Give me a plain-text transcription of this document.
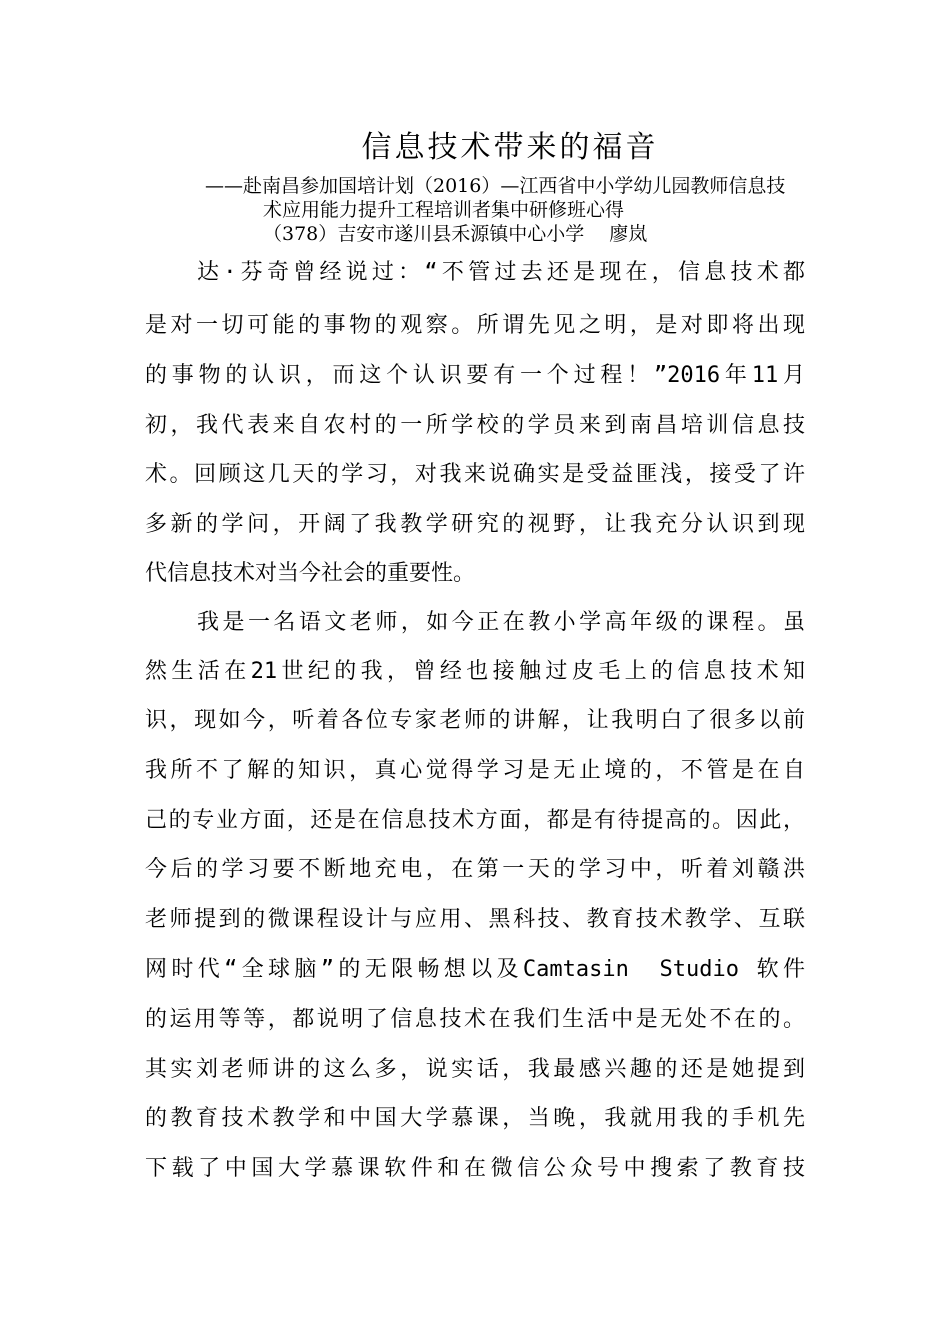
信息技术带来的福音
——赴南昌参加国培计划（2016）—江西省中小学幼儿园教师信息技
术应用能力提升工程培训者集中研修班心得
（378）吉安市遂川县禾源镇中心小学　 廖岚
达·芬奇曾经说过：“不管过去还是现在，信息技术都
是对一切可能的事物的观察。所谓先见之明，是对即将出现
的事物的认识，而这个认识要有一个过程！”2016年11月
初，我代表来自农村的一所学校的学员来到南昌培训信息技
术。回顾这几天的学习，对我来说确实是受益匪浅，接受了许
多新的学问，开阔了我教学研究的视野，让我充分认识到现
代信息技术对当今社会的重要性。
我是一名语文老师，如今正在教小学高年级的课程。虽
然生活在21世纪的我，曾经也接触过皮毛上的信息技术知
识，现如今，听着各位专家老师的讲解，让我明白了很多以前
我所不了解的知识，真心觉得学习是无止境的，不管是在自
己的专业方面，还是在信息技术方面，都是有待提高的。因此，
今后的学习要不断地充电，在第一天的学习中，听着刘赣洪
老师提到的微课程设计与应用、黑科技、教育技术教学、互联
网时代“全球脑”的无限畅想以及Camtasin　Studio 软件
的运用等等，都说明了信息技术在我们生活中是无处不在的。
其实刘老师讲的这么多，说实话，我最感兴趣的还是她提到
的教育技术教学和中国大学慕课，当晚，我就用我的手机先
下载了中国大学慕课软件和在微信公众号中搜索了教育技
